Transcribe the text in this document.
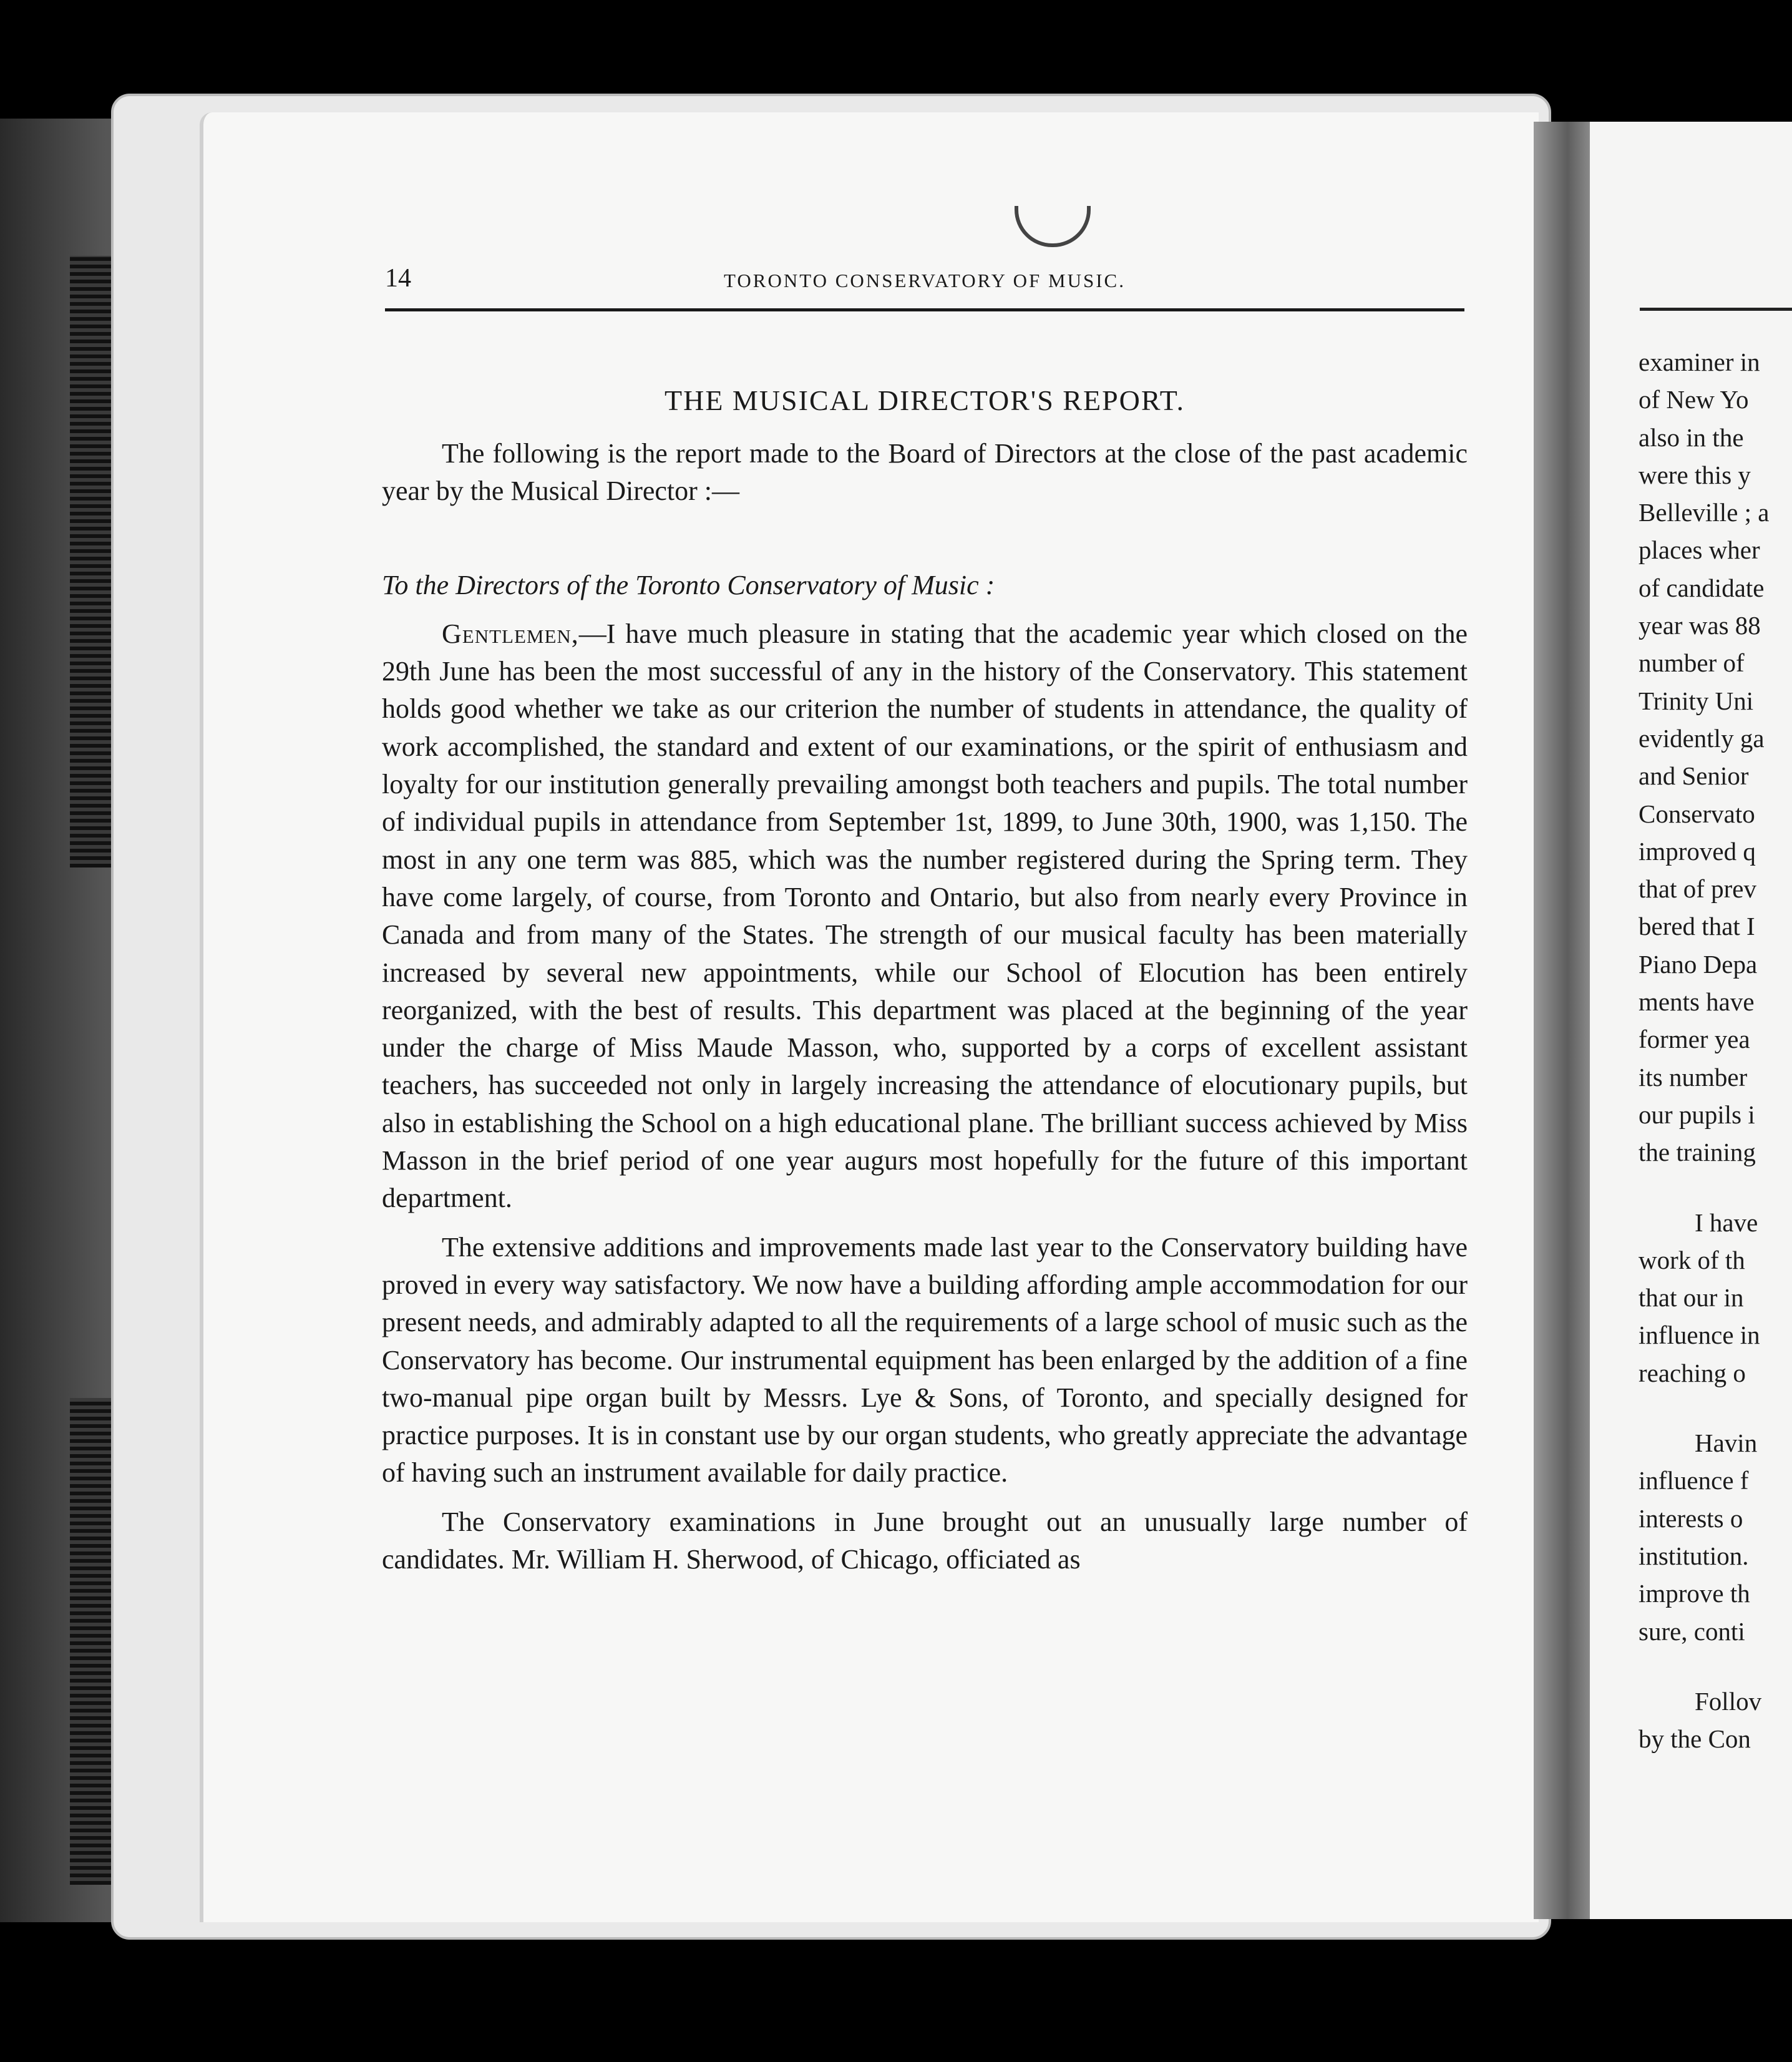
examiner in
of New Yo
also in the
were this y
Belleville ; a
places wher
of candidate
year was 88
number of
Trinity Uni
evidently ga
and Senior
Conservato
improved q
that of prev
bered that I
Piano Depa
ments have
former yea
its number
our pupils i
the training
I have
work of th
that our in
influence in
reaching o
Havin
influence f
interests o
institution.
improve th
sure, conti
Follov
by the Con
14	TORONTO CONSERVATORY OF MUSIC.
THE MUSICAL DIRECTOR'S REPORT.

The following is the report made to the Board of Directors at the close of the past academic year by the Musical Director :—

To the Directors of the Toronto Conservatory of Music :

Gentlemen,—I have much pleasure in stating that the academic year which closed on the 29th June has been the most successful of any in the history of the Conservatory. This statement holds good whether we take as our criterion the number of students in attendance, the quality of work accomplished, the standard and extent of our examinations, or the spirit of enthusiasm and loyalty for our institution generally prevailing amongst both teachers and pupils. The total number of individual pupils in attendance from September 1st, 1899, to June 30th, 1900, was 1,150. The most in any one term was 885, which was the number registered during the Spring term. They have come largely, of course, from Toronto and Ontario, but also from nearly every Province in Canada and from many of the States. The strength of our musical faculty has been materially increased by several new appointments, while our School of Elocution has been entirely reorganized, with the best of results. This department was placed at the beginning of the year under the charge of Miss Maude Masson, who, supported by a corps of excellent assistant teachers, has succeeded not only in largely increasing the attendance of elocutionary pupils, but also in establishing the School on a high educational plane. The brilliant success achieved by Miss Masson in the brief period of one year augurs most hopefully for the future of this important department.

The extensive additions and improvements made last year to the Conservatory building have proved in every way satisfactory. We now have a building affording ample accommodation for our present needs, and admirably adapted to all the requirements of a large school of music such as the Conservatory has become. Our instrumental equipment has been enlarged by the addition of a fine two-manual pipe organ built by Messrs. Lye & Sons, of Toronto, and specially designed for practice purposes. It is in constant use by our organ students, who greatly appreciate the advantage of having such an instrument available for daily practice.

The Conservatory examinations in June brought out an unusually large number of candidates. Mr. William H. Sherwood, of Chicago, officiated as
